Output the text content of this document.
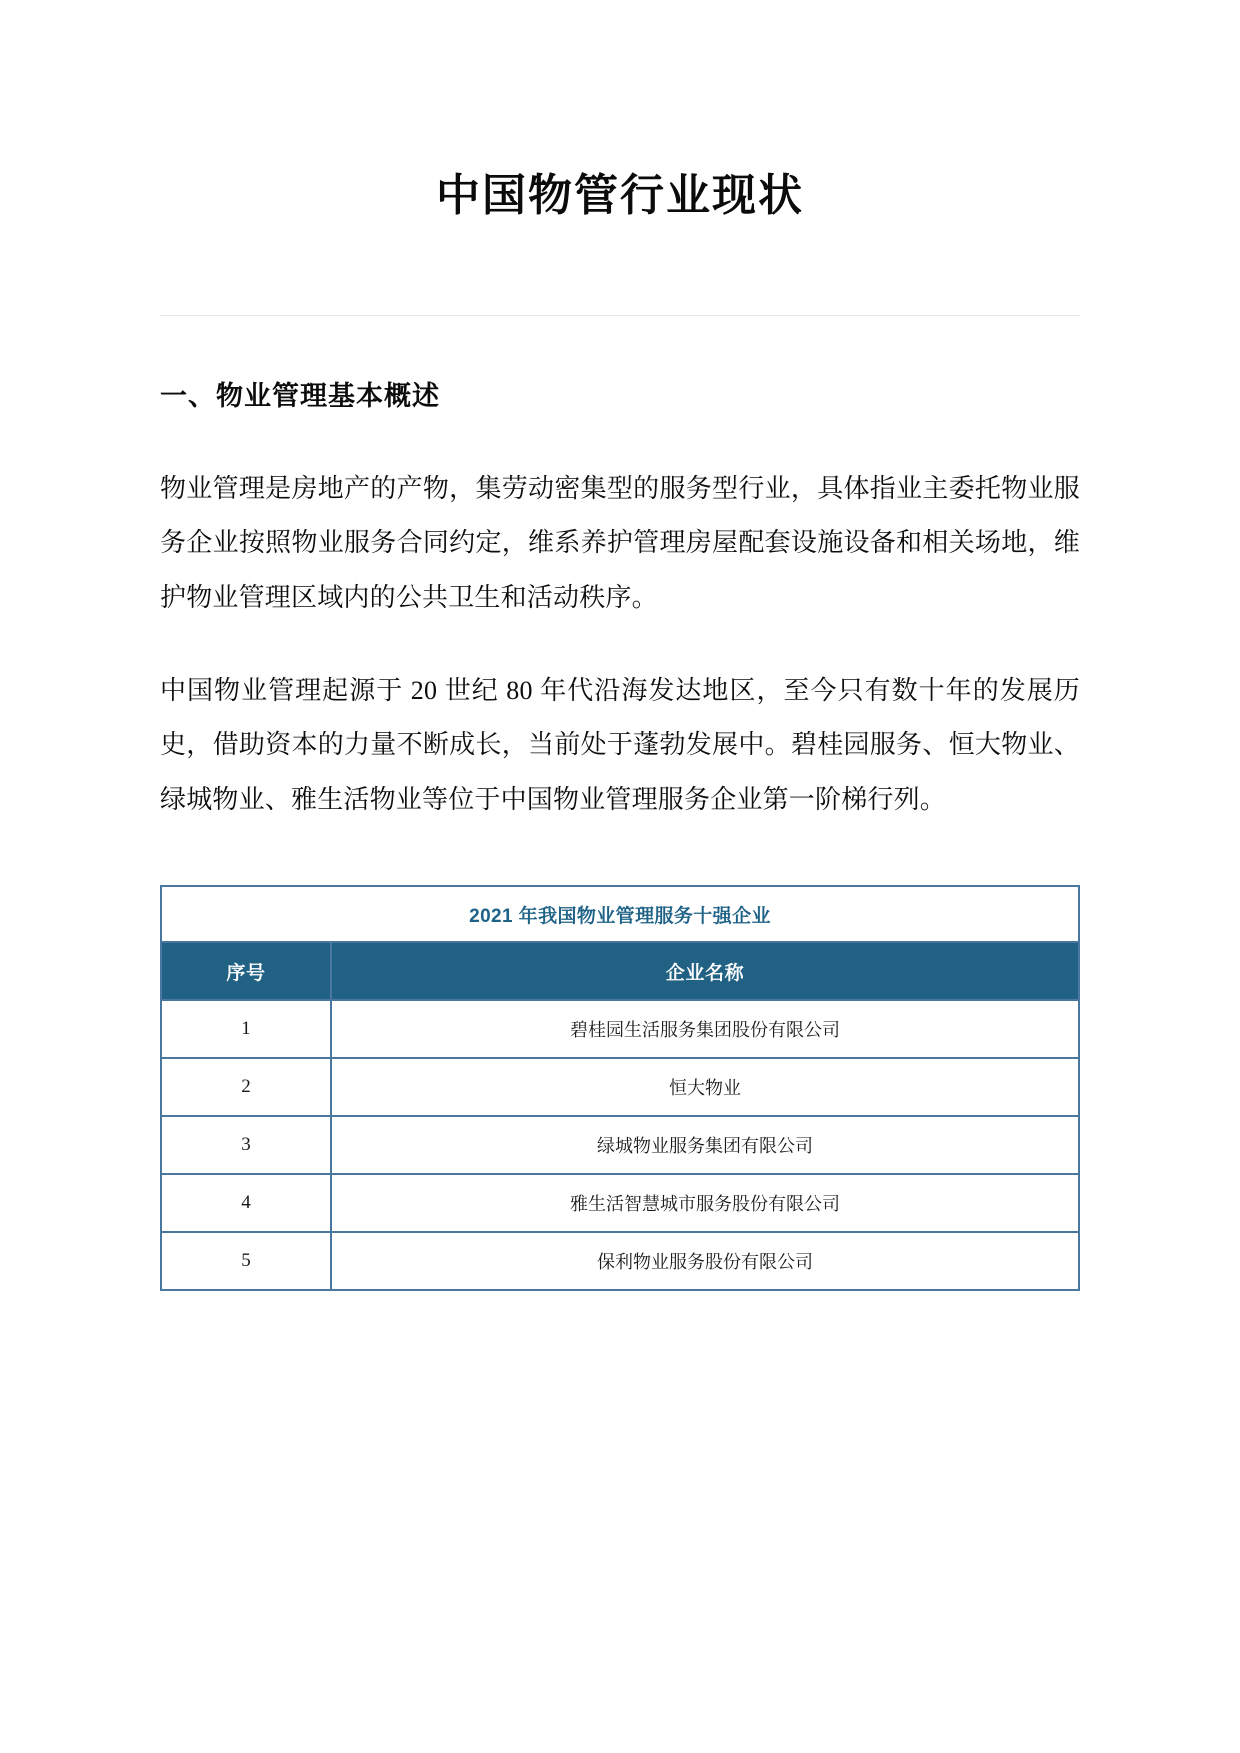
中国物管行业现状
一、物业管理基本概述

物业管理是房地产的产物，集劳动密集型的服务型行业，具体指业主委托物业服务企业按照物业服务合同约定，维系养护管理房屋配套设施设备和相关场地，维护物业管理区域内的公共卫生和活动秩序。

中国物业管理起源于 20 世纪 80 年代沿海发达地区，至今只有数十年的发展历史，借助资本的力量不断成长，当前处于蓬勃发展中。碧桂园服务、恒大物业、绿城物业、雅生活物业等位于中国物业管理服务企业第一阶梯行列。

2021 年我国物业管理服务十强企业	
序号	企业名称
1	碧桂园生活服务集团股份有限公司
2	恒大物业
3	绿城物业服务集团有限公司
4	雅生活智慧城市服务股份有限公司
5	保利物业服务股份有限公司
